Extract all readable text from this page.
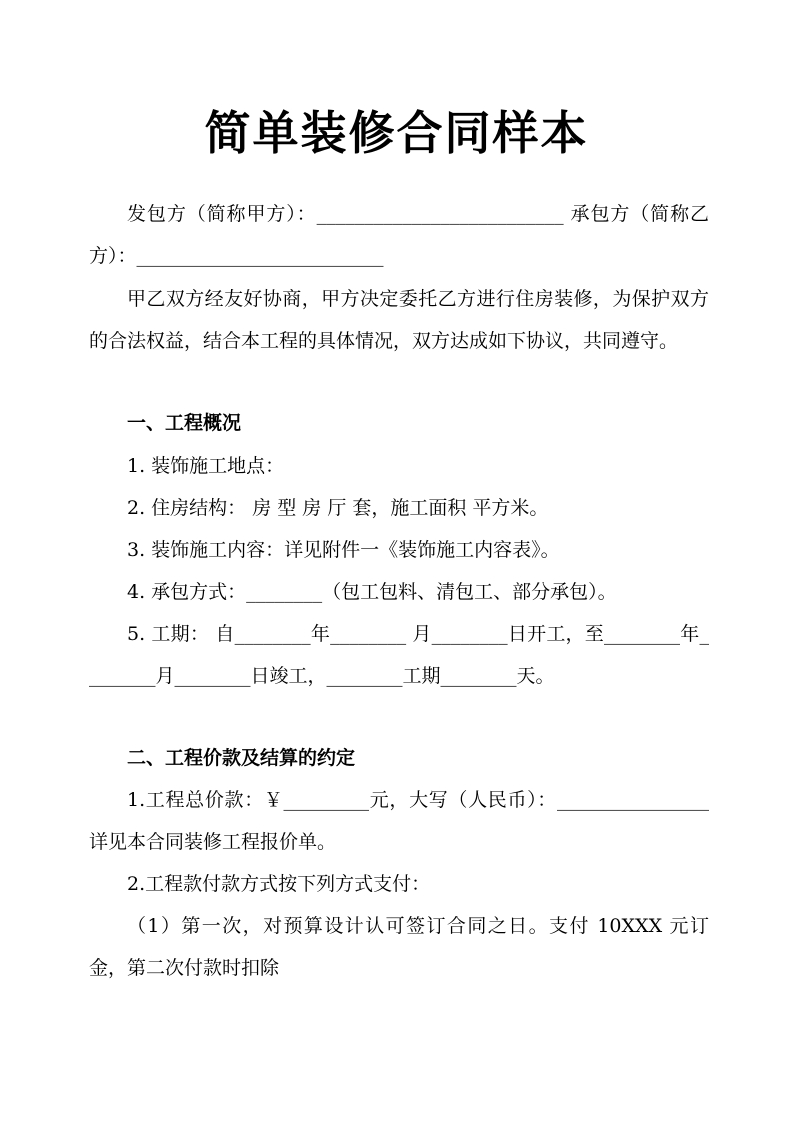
简单装修合同样本

发包方（简称甲方）：__________________________ 承包方（简称乙方）：__________________________

甲乙双方经友好协商，甲方决定委托乙方进行住房装修，为保护双方的合法权益，结合本工程的具体情况，双方达成如下协议，共同遵守。

一、工程概况

1. 装饰施工地点：

2. 住房结构： 房 型 房 厅 套，施工面积 平方米。

3. 装饰施工内容：详见附件一《装饰施工内容表》。

4. 承包方式：________（包工包料、清包工、部分承包）。

5. 工期： 自________年________ 月________日开工，至________年________月________日竣工，________工期________天。

二、工程价款及结算的约定

1.工程总价款：￥_________元，大写（人民币）：________________详见本合同装修工程报价单。

2.工程款付款方式按下列方式支付：

（1）第一次，对预算设计认可签订合同之日。支付 10XXX 元订金，第二次付款时扣除
